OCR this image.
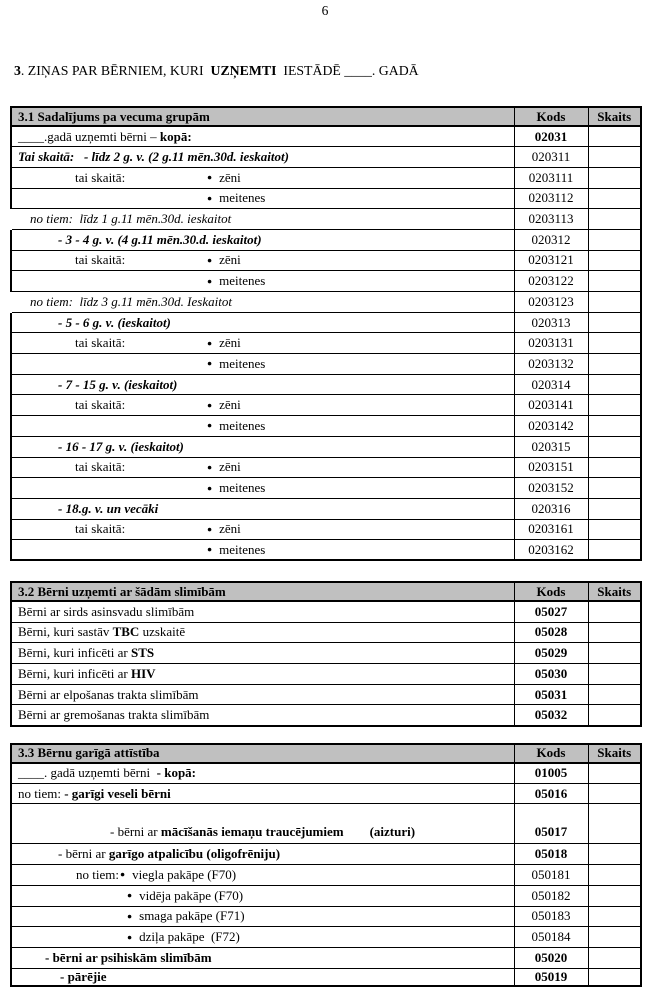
6
3. ZIŅAS PAR BĒRNIEM, KURI  UZŅEMTI  IESTĀDĒ ____. GADĀ
3.1 Sadalījums pa vecuma grupām	Kods	Skaits
____.gadā uzņemti bērni – kopā:	02031	
Tai skaitā:   - līdz 2 g. v. (2 g.11 mēn.30d. ieskaitot)	020311	

tai skaitā: ● zēni	0203111	

● meitenes	0203112	
no tiem:  līdz 1 g.11 mēn.30d. ieskaitot	0203113	
- 3 - 4 g. v. (4 g.11 mēn.30.d. ieskaitot)	020312	

tai skaitā: ● zēni	0203121	

● meitenes	0203122	
no tiem:  līdz 3 g.11 mēn.30d. Ieskaitot	0203123	
- 5 - 6 g. v. (ieskaitot)	020313	

tai skaitā: ● zēni	0203131	

● meitenes	0203132	
- 7 - 15 g. v. (ieskaitot)	020314	

tai skaitā: ● zēni	0203141	

● meitenes	0203142	
- 16 - 17 g. v. (ieskaitot)	020315	

tai skaitā: ● zēni	0203151	

● meitenes	0203152	
- 18.g. v. un vecāki	020316	

tai skaitā: ● zēni	0203161	

● meitenes	0203162	
3.2 Bērni uzņemti ar šādām slimībām	Kods	Skaits
Bērni ar sirds asinsvadu slimībām	05027	
Bērni, kuri sastāv TBC uzskaitē	05028	
Bērni, kuri inficēti ar STS	05029	
Bērni, kuri inficēti ar HIV	05030	
Bērni ar elpošanas trakta slimībām	05031	
Bērni ar gremošanas trakta slimībām	05032	
3.3 Bērnu garīgā attīstība	Kods	Skaits
____. gadā uzņemti bērni  - kopā:	01005	
no tiem: - garīgi veseli bērni	05016	
- bērni ar mācīšanās iemaņu traucējumiem (aizturi)	05017	
- bērni ar garīgo atpalicību (oligofrēniju)	05018	

no tiem: ● viegla pakāpe (F70)	050181	

● vidēja pakāpe (F70)	050182	

● smaga pakāpe (F71)	050183	

● dziļa pakāpe  (F72)	050184	
- bērni ar psihiskām slimībām	05020	
- pārējie	05019	
